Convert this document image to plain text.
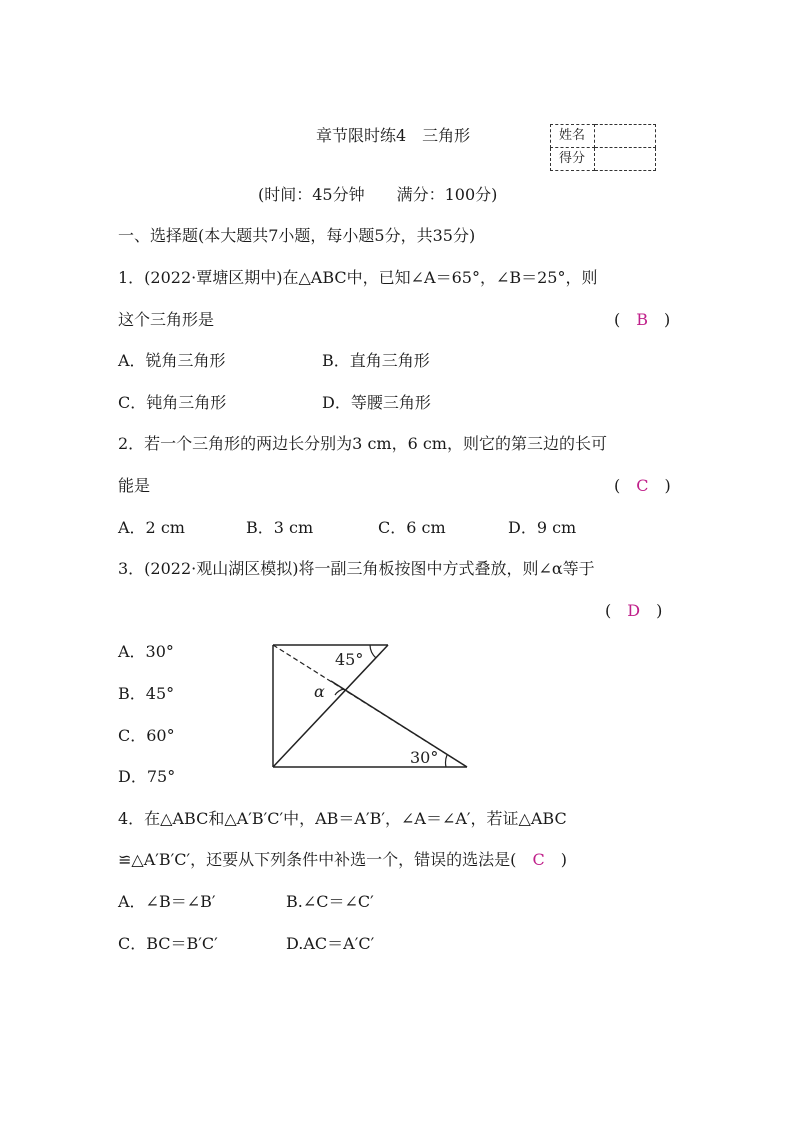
章节限时练4　三角形	姓名	
得分	
(时间：45分钟　　满分：100分)
一、选择题(本大题共7小题，每小题5分，共35分)
1．(2022·覃塘区期中)在△ABC中，已知∠A＝65°，∠B＝25°，则
这个三角形是	(　B　)
A．锐角三角形	B．直角三角形
C．钝角三角形	D．等腰三角形
2．若一个三角形的两边长分别为3 cm，6 cm，则它的第三边的长可
能是	(　C　)
A．2 cm	B．3 cm	C．6 cm	D．9 cm
3．(2022·观山湖区模拟)将一副三角板按图中方式叠放，则∠α等于
(　D　)
A．30°
B．45°
C．60°
D．75°
45°
α
30°
4．在△ABC和△A′B′C′中，AB＝A′B′，∠A＝∠A′，若证△ABC
≌△A′B′C′，还要从下列条件中补选一个，错误的选法是(　 C　)
A．∠B＝∠B′	B.∠C＝∠C′
C．BC＝B′C′	D.AC＝A′C′
